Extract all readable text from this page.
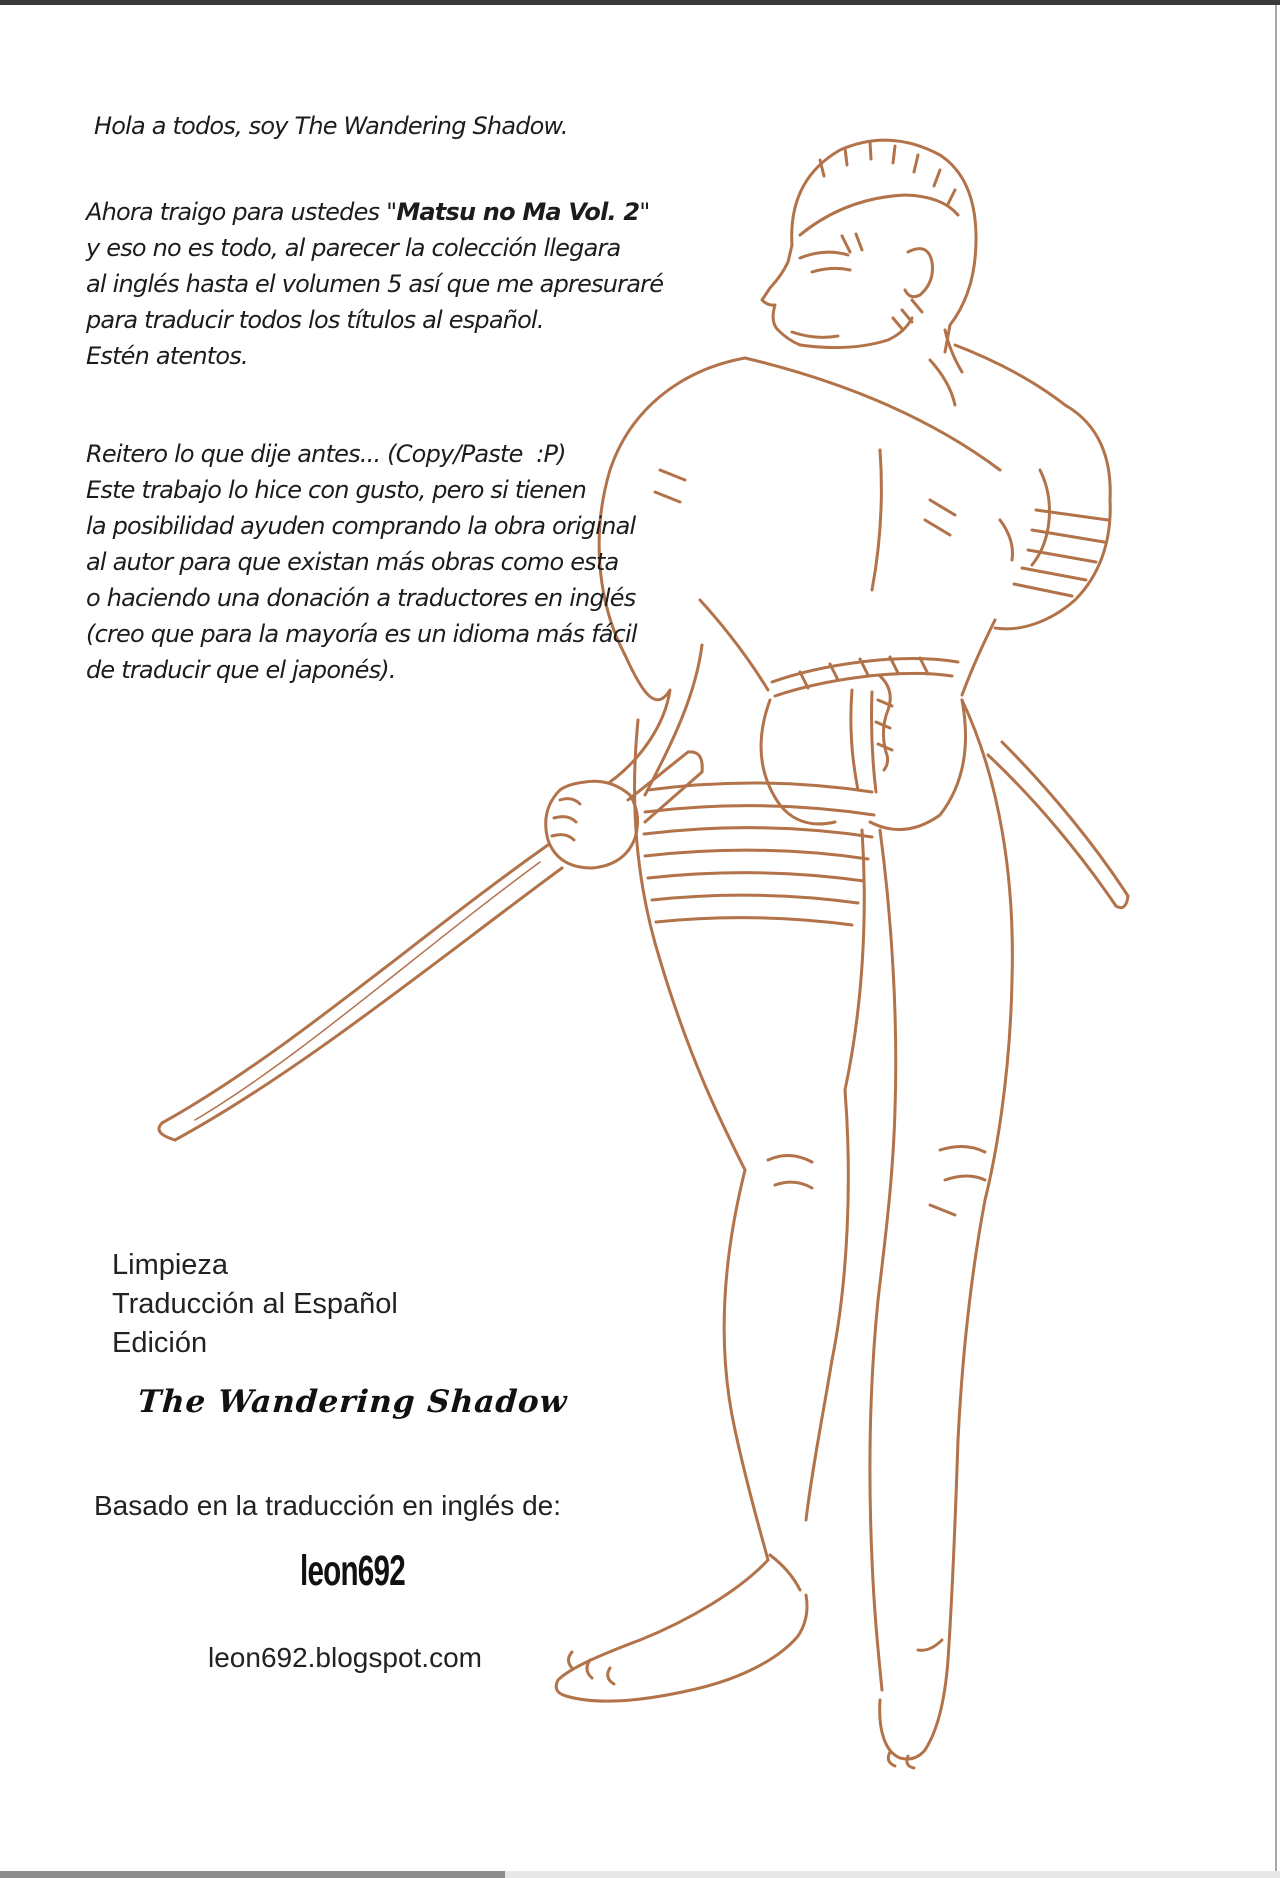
Hola a todos, soy The Wandering Shadow.
Ahora traigo para ustedes "Matsu no Ma Vol. 2"
y eso no es todo, al parecer la colección llegara
al inglés hasta el volumen 5 así que me apresuraré
para traducir todos los títulos al español.
Estén atentos.
Reitero lo que dije antes... (Copy/Paste  :P)
Este trabajo lo hice con gusto, pero si tienen
la posibilidad ayuden comprando la obra original
al autor para que existan más obras como esta
o haciendo una donación a traductores en inglés
(creo que para la mayoría es un idioma más fácil
de traducir que el japonés).
Limpieza
Traducción al Español
Edición
The Wandering Shadow
Basado en la traducción en inglés de:
leon692
leon692.blogspot.com
